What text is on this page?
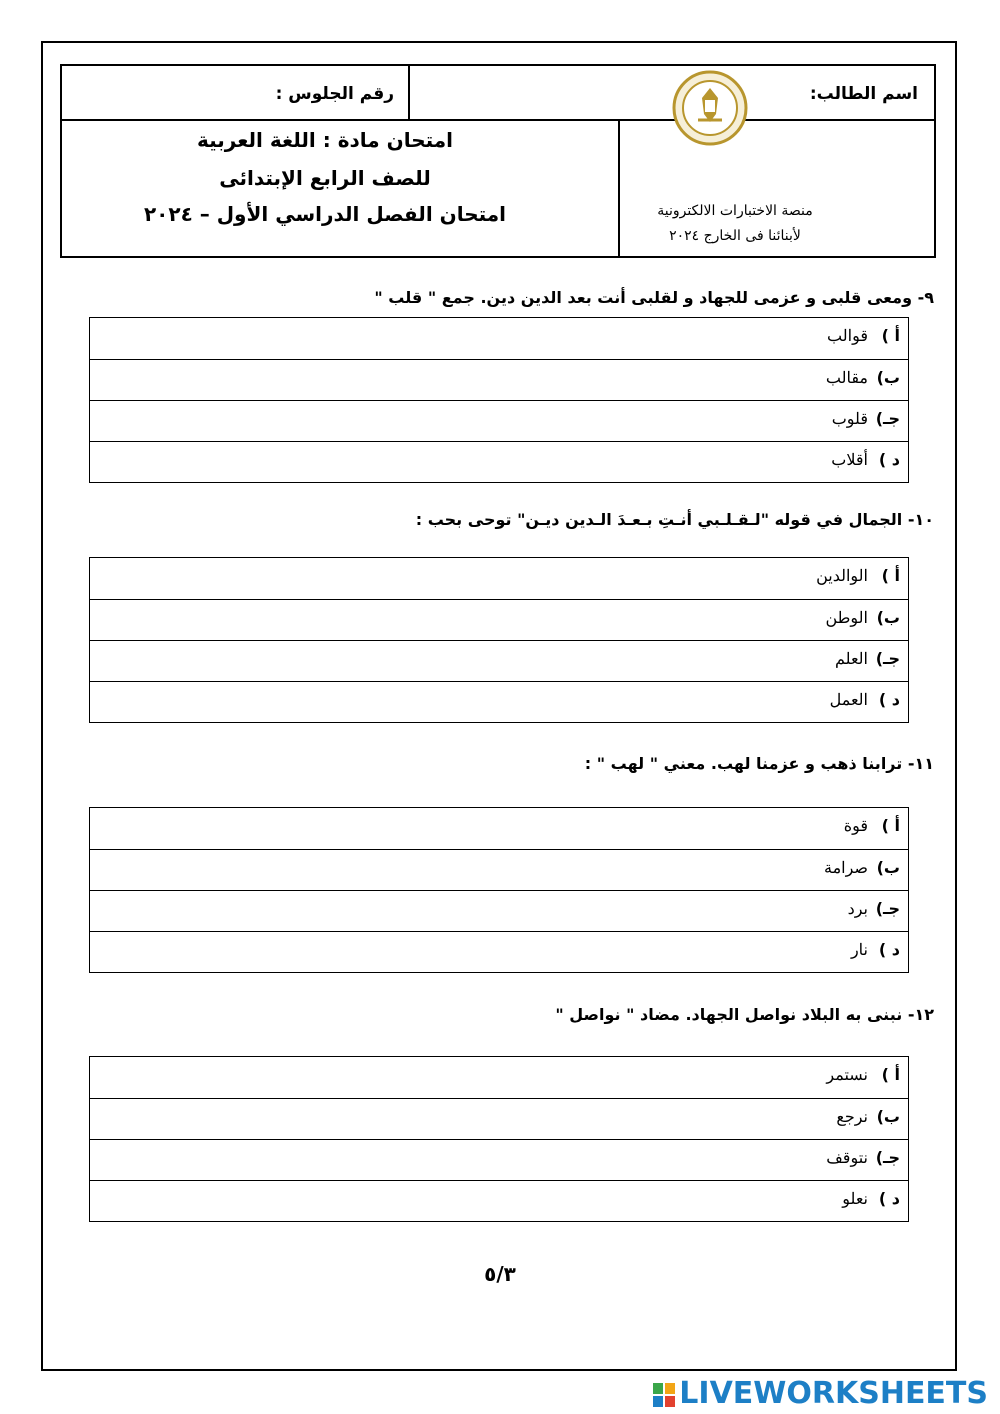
اسم الطالب:
رقم الجلوس :
منصة الاختبارات الالكترونية
لأبنائنا فى الخارج ٢٠٢٤
امتحان مادة : اللغة العربية
للصف الرابع الإبتدائى
امتحان الفصل الدراسي الأول – ٢٠٢٤
٩- ومعى قلبى و عزمى للجهاد و لقلبى أنت بعد الدين دين. جمع " قلب "
أ )
قوالب
ب)
مقالب
جـ)
قلوب
د )
أقلاب
١٠- الجمال في قوله "لـقـلـبي أنـتِ بـعـدَ الـدين ديـن" توحى بحب :
أ )
الوالدين
ب)
الوطن
جـ)
العلم
د )
العمل
١١- ترابنا ذهب و عزمنا لهب. معني " لهب " :
أ )
قوة
ب)
صرامة
جـ)
برد
د )
نار
١٢- نبنى به البلاد نواصل الجهاد. مضاد " نواصل "
أ )
نستمر
ب)
نرجع
جـ)
نتوقف
د )
نعلو
٥/٣
LIVEWORKSHEETS
